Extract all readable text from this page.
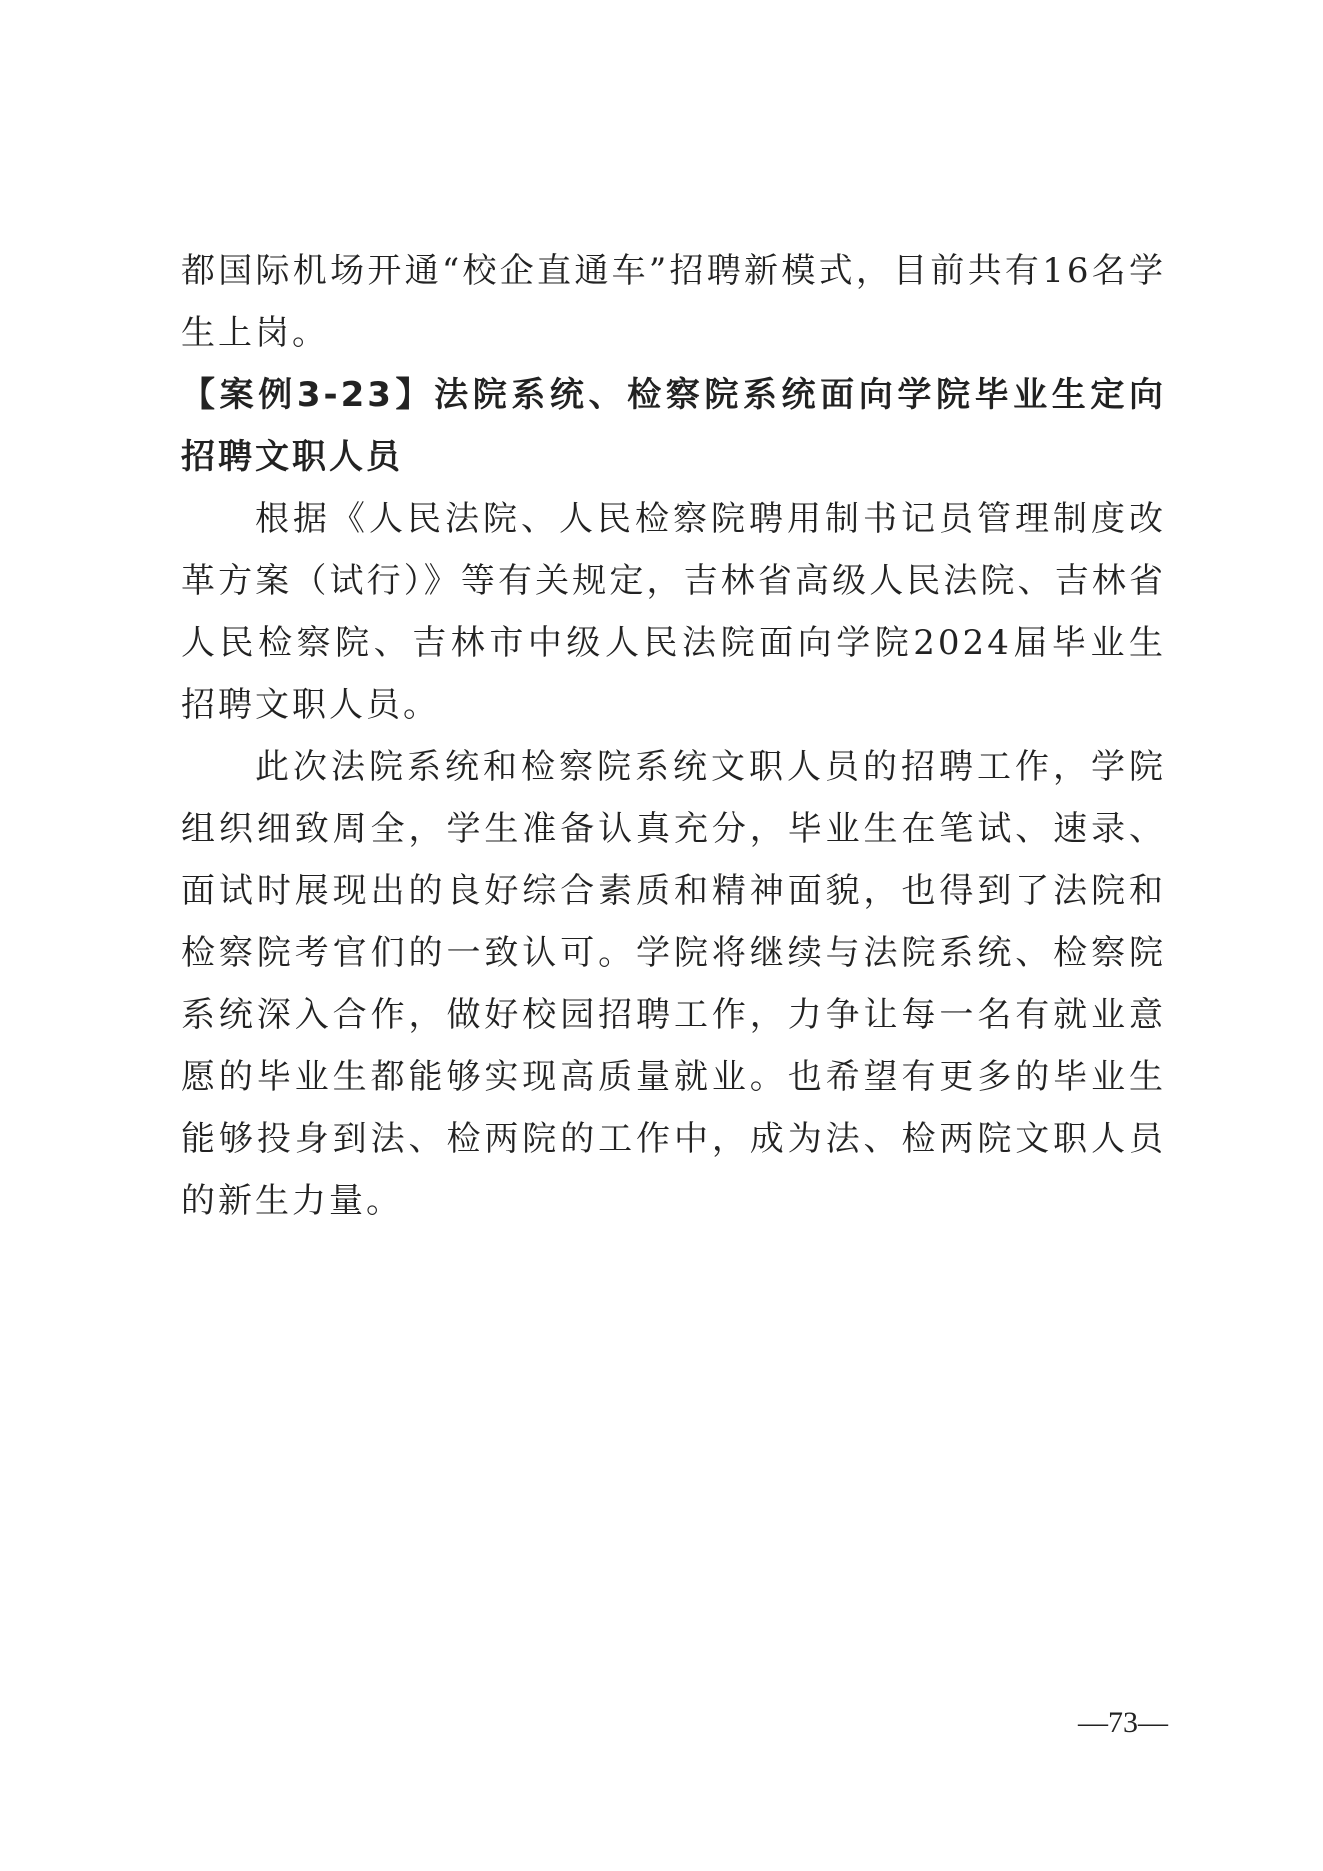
都国际机场开通“校企直通车”招聘新模式，目前共有16名学生上岗。

【案例3-23】法院系统、检察院系统面向学院毕业生定向招聘文职人员

根据《人民法院、人民检察院聘用制书记员管理制度改革方案（试行）》等有关规定，吉林省高级人民法院、吉林省人民检察院、吉林市中级人民法院面向学院2024届毕业生招聘文职人员。

此次法院系统和检察院系统文职人员的招聘工作，学院组织细致周全，学生准备认真充分，毕业生在笔试、速录、面试时展现出的良好综合素质和精神面貌，也得到了法院和检察院考官们的一致认可。学院将继续与法院系统、检察院系统深入合作，做好校园招聘工作，力争让每一名有就业意愿的毕业生都能够实现高质量就业。也希望有更多的毕业生能够投身到法、检两院的工作中，成为法、检两院文职人员的新生力量。

—73—
